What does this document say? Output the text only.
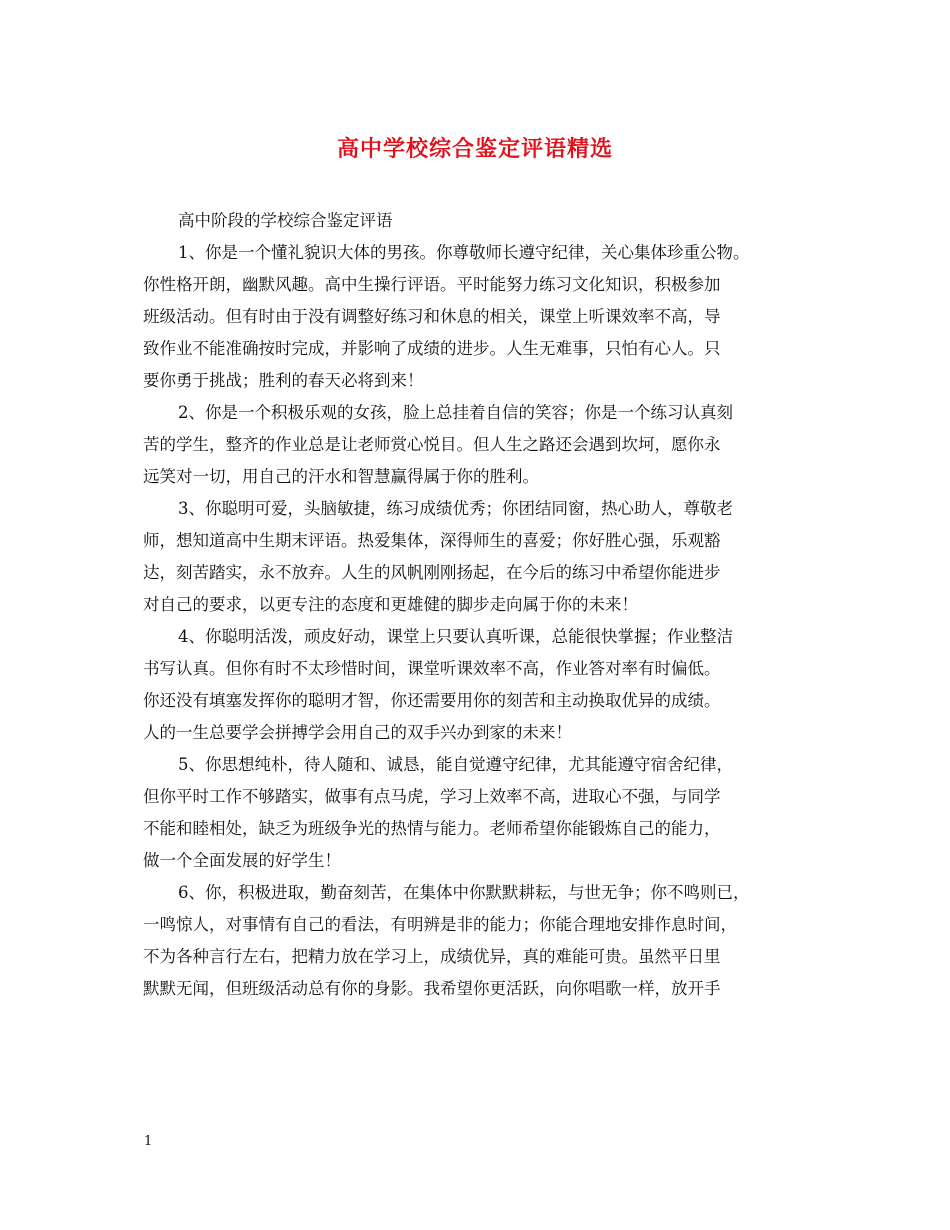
高中学校综合鉴定评语精选

高中阶段的学校综合鉴定评语

1、你是一个懂礼貌识大体的男孩。你尊敬师长遵守纪律，关心集体珍重公物。
你性格开朗，幽默风趣。高中生操行评语。平时能努力练习文化知识，积极参加
班级活动。但有时由于没有调整好练习和休息的相关，课堂上听课效率不高，导
致作业不能准确按时完成，并影响了成绩的进步。人生无难事，只怕有心人。只
要你勇于挑战；胜利的春天必将到来！

2、你是一个积极乐观的女孩，脸上总挂着自信的笑容；你是一个练习认真刻
苦的学生，整齐的作业总是让老师赏心悦目。但人生之路还会遇到坎坷，愿你永
远笑对一切，用自己的汗水和智慧赢得属于你的胜利。

3、你聪明可爱，头脑敏捷，练习成绩优秀；你团结同窗，热心助人，尊敬老
师，想知道高中生期末评语。热爱集体，深得师生的喜爱；你好胜心强，乐观豁
达，刻苦踏实，永不放弃。人生的风帆刚刚扬起，在今后的练习中希望你能进步
对自己的要求，以更专注的态度和更雄健的脚步走向属于你的未来！

4、你聪明活泼，顽皮好动，课堂上只要认真听课，总能很快掌握；作业整洁
书写认真。但你有时不太珍惜时间，课堂听课效率不高，作业答对率有时偏低。
你还没有填塞发挥你的聪明才智，你还需要用你的刻苦和主动换取优异的成绩。
人的一生总要学会拼搏学会用自己的双手兴办到家的未来！

5、你思想纯朴，待人随和、诚恳，能自觉遵守纪律，尤其能遵守宿舍纪律，
但你平时工作不够踏实，做事有点马虎，学习上效率不高，进取心不强，与同学
不能和睦相处，缺乏为班级争光的热情与能力。老师希望你能锻炼自己的能力，
做一个全面发展的好学生！

6、你，积极进取，勤奋刻苦，在集体中你默默耕耘，与世无争；你不鸣则已，
一鸣惊人，对事情有自己的看法，有明辨是非的能力；你能合理地安排作息时间，
不为各种言行左右，把精力放在学习上，成绩优异，真的难能可贵。虽然平日里
默默无闻，但班级活动总有你的身影。我希望你更活跃，向你唱歌一样，放开手

1
